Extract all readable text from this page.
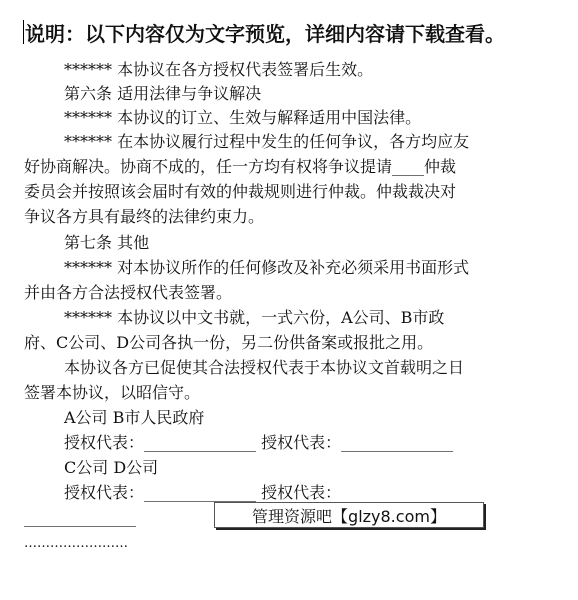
说明：以下内容仅为文字预览，详细内容请下载查看。
****** 本协议在各方授权代表签署后生效。
第六条 适用法律与争议解决
****** 本协议的订立、生效与解释适用中国法律。
****** 在本协议履行过程中发生的任何争议，各方均应友
好协商解决。协商不成的，任一方均有权将争议提请____仲裁
委员会并按照该会届时有效的仲裁规则进行仲裁。仲裁裁决对
争议各方具有最终的法律约束力。
第七条 其他
****** 对本协议所作的任何修改及补充必须采用书面形式
并由各方合法授权代表签署。
****** 本协议以中文书就，一式六份，A公司、B市政
府、C公司、D公司各执一份，另二份供备案或报批之用。
本协议各方已促使其合法授权代表于本协议文首载明之日
签署本协议，以昭信守。
A公司 B市人民政府
授权代表：______________ 授权代表：______________
C公司 D公司
授权代表：______________ 授权代表：
______________
……………………
管理资源吧【glzy8.com】
